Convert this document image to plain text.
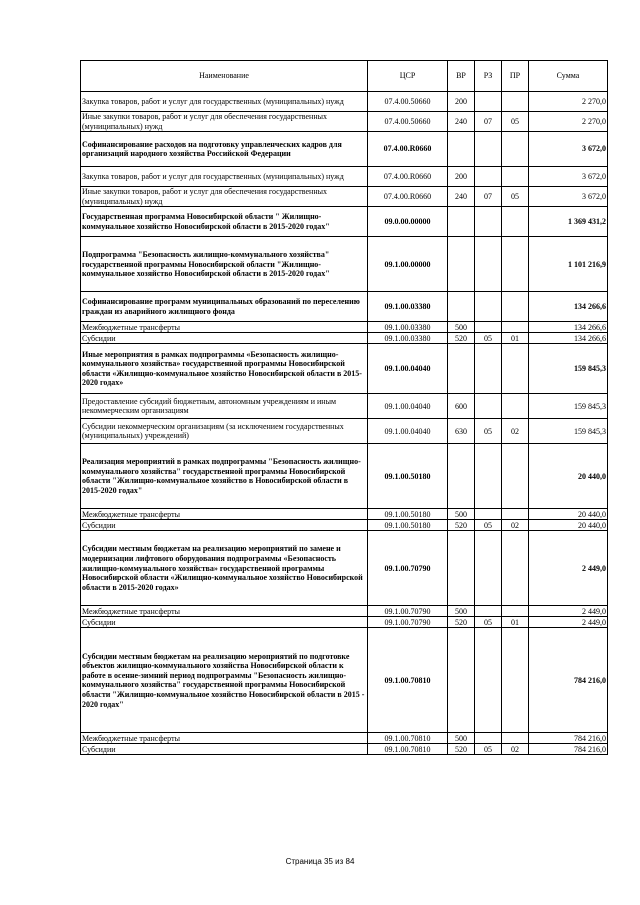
Наименование	ЦСР	ВР	РЗ	ПР	Сумма
Закупка товаров, работ и услуг для государственных (муниципальных) нужд	07.4.00.50660	200			2 270,0
Иные закупки товаров, работ и услуг для обеспечения государственных (муниципальных) нужд	07.4.00.50660	240	07	05	2 270,0
Софинансирование расходов на подготовку управленческих кадров для организаций народного хозяйства Российской Федерации	07.4.00.R0660				3 672,0
Закупка товаров, работ и услуг для государственных (муниципальных) нужд	07.4.00.R0660	200			3 672,0
Иные закупки товаров, работ и услуг для обеспечения государственных (муниципальных) нужд	07.4.00.R0660	240	07	05	3 672,0
Государственная программа Новосибирской области " Жилищно-коммунальное хозяйство Новосибирской области в 2015-2020 годах"	09.0.00.00000				1 369 431,2
Подпрограмма "Безопасность жилищно-коммунального хозяйства" государственной программы Новосибирской области "Жилищно-коммунальное хозяйство Новосибирской области в 2015-2020 годах"	09.1.00.00000				1 101 216,9
Софинансирование программ муниципальных образований по переселению граждан из аварийного жилищного фонда	09.1.00.03380				134 266,6
Межбюджетные трансферты	09.1.00.03380	500			134 266,6
Субсидии	09.1.00.03380	520	05	01	134 266,6
Иные мероприятия в рамках подпрограммы «Безопасность жилищно-коммунального хозяйства» государственной программы Новосибирской области «Жилищно-коммунальное хозяйство Новосибирской области в 2015-2020 годах»	09.1.00.04040				159 845,3
Предоставление субсидий бюджетным, автономным учреждениям и иным некоммерческим организациям	09.1.00.04040	600			159 845,3
Субсидии некоммерческим организациям (за исключением государственных (муниципальных) учреждений)	09.1.00.04040	630	05	02	159 845,3
Реализация мероприятий в рамках подпрограммы "Безопасность жилищно-коммунального хозяйства" государственной программы Новосибирской области "Жилищно-коммунальное хозяйство в Новосибирской области в 2015-2020 годах"	09.1.00.50180				20 440,0
Межбюджетные трансферты	09.1.00.50180	500			20 440,0
Субсидии	09.1.00.50180	520	05	02	20 440,0
Субсидии местным бюджетам на реализацию мероприятий по замене и модернизации лифтового оборудования подпрограммы «Безопасность жилищно-коммунального хозяйства» государственной программы Новосибирской области «Жилищно-коммунальное хозяйство Новосибирской области в 2015-2020 годах»	09.1.00.70790				2 449,0
Межбюджетные трансферты	09.1.00.70790	500			2 449,0
Субсидии	09.1.00.70790	520	05	01	2 449,0
Субсидии местным бюджетам на реализацию мероприятий по подготовке объектов жилищно-коммунального хозяйства Новосибирской области к работе в осенне-зимний период подпрограммы "Безопасность жилищно-коммунального хозяйства" государственной программы Новосибирской области "Жилищно-коммунальное хозяйство Новосибирской области в 2015 - 2020 годах"	09.1.00.70810				784 216,0
Межбюджетные трансферты	09.1.00.70810	500			784 216,0
Субсидии	09.1.00.70810	520	05	02	784 216,0
Страница 35 из 84
